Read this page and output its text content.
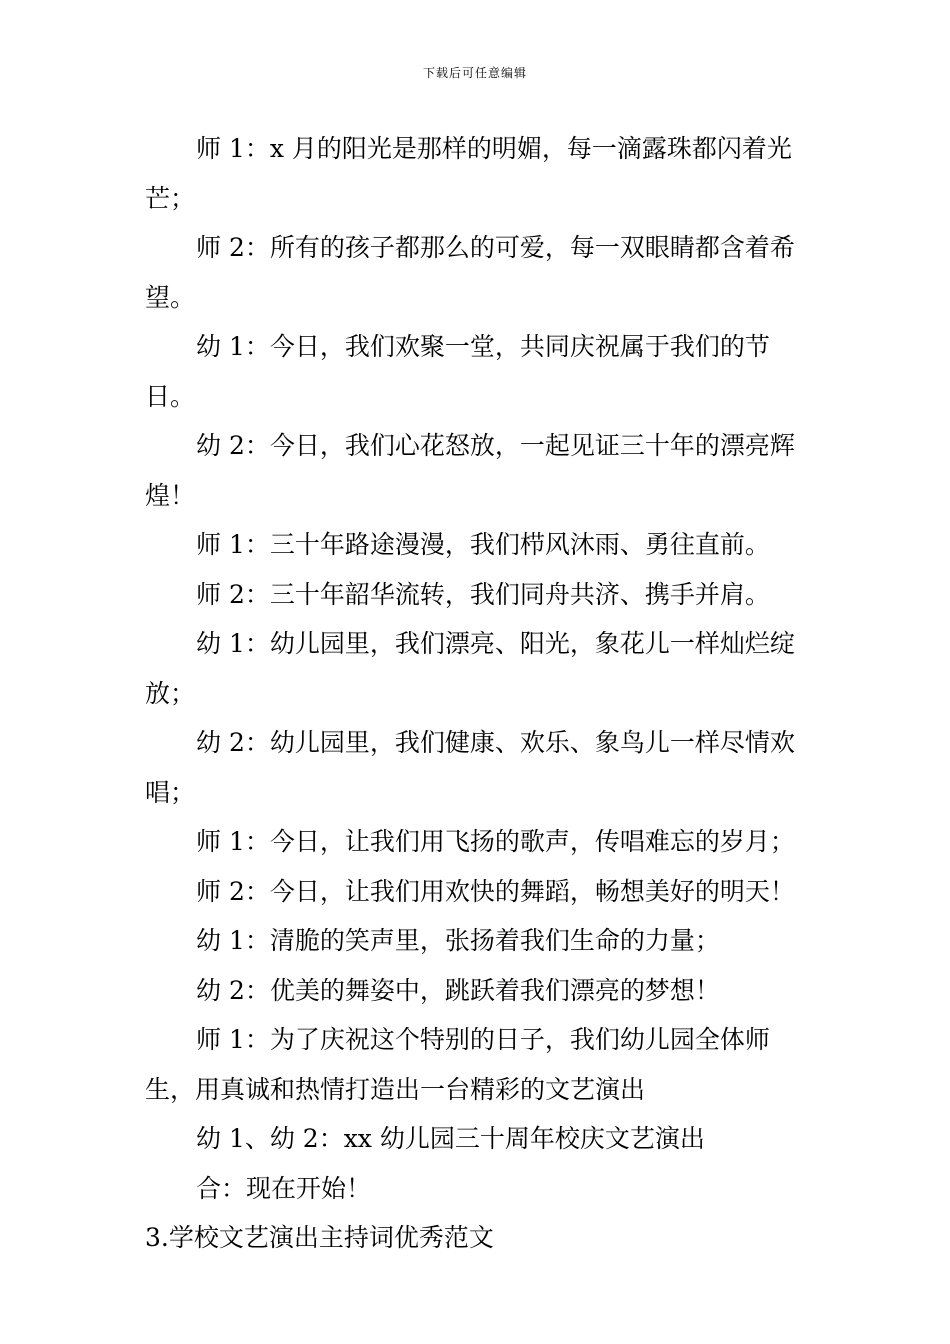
下载后可任意编辑

师 1：x 月的阳光是那样的明媚，每一滴露珠都闪着光芒；

师 2：所有的孩子都那么的可爱，每一双眼睛都含着希望。

幼 1：今日，我们欢聚一堂，共同庆祝属于我们的节日。

幼 2：今日，我们心花怒放，一起见证三十年的漂亮辉煌！

师 1：三十年路途漫漫，我们栉风沐雨、勇往直前。

师 2：三十年韶华流转，我们同舟共济、携手并肩。

幼 1：幼儿园里，我们漂亮、阳光，象花儿一样灿烂绽放；

幼 2：幼儿园里，我们健康、欢乐、象鸟儿一样尽情欢唱；

师 1：今日，让我们用飞扬的歌声，传唱难忘的岁月；

师 2：今日，让我们用欢快的舞蹈，畅想美好的明天！

幼 1：清脆的笑声里，张扬着我们生命的力量；

幼 2：优美的舞姿中，跳跃着我们漂亮的梦想！

师 1：为了庆祝这个特别的日子，我们幼儿园全体师生，用真诚和热情打造出一台精彩的文艺演出

幼 1、幼 2：xx 幼儿园三十周年校庆文艺演出

合：现在开始！

3.学校文艺演出主持词优秀范文
